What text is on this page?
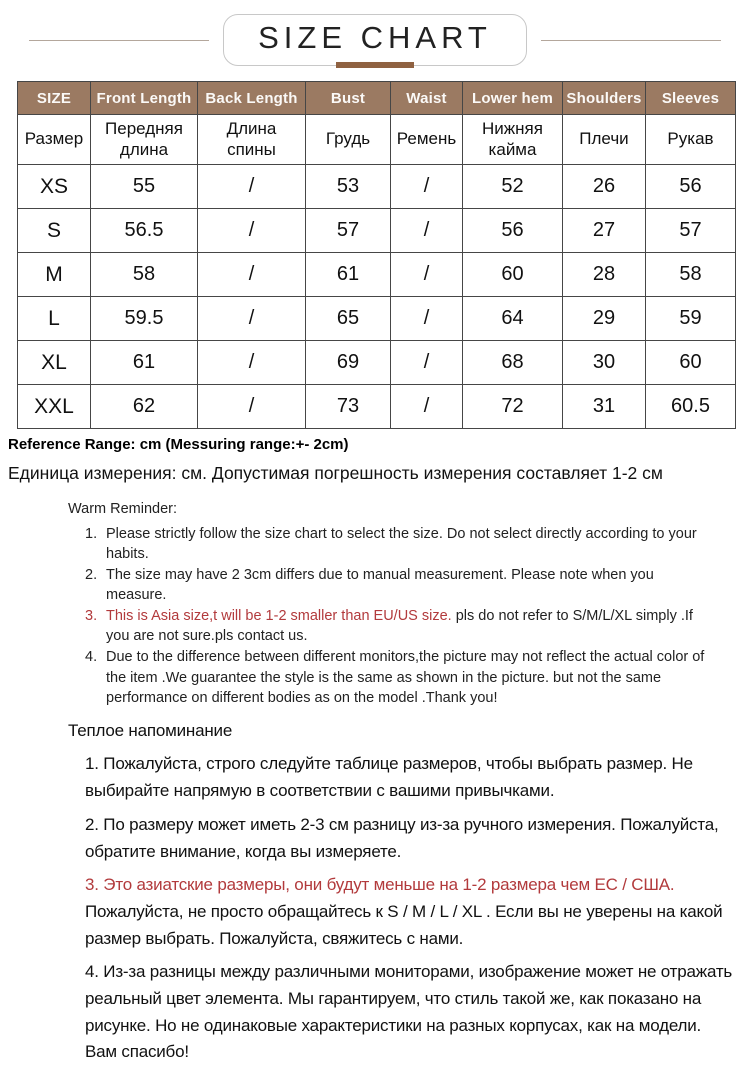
SIZE CHART
SIZE	Front Length	Back Length	Bust	Waist	Lower hem	Shoulders	Sleeves
Размер	Передняя длина	Длина спины	Грудь	Ремень	Нижняя кайма	Плечи	Рукав
XS	55	/	53	/	52	26	56
S	56.5	/	57	/	56	27	57
M	58	/	61	/	60	28	58
L	59.5	/	65	/	64	29	59
XL	61	/	69	/	68	30	60
XXL	62	/	73	/	72	31	60.5
Reference Range: cm (Messuring range:+- 2cm)
Единица измерения: см. Допустимая погрешность измерения составляет 1-2 см
Warm Reminder:
1. Please strictly follow the size chart to select the size. Do not select directly according to your habits.
2. The size may have 2 3cm differs due to manual measurement. Please note when you measure.
3. This is Asia size,t will be 1-2 smaller than EU/US size. pls do not refer to S/M/L/XL simply .If you are not sure.pls contact us.
4. Due to the difference between different monitors,the picture may not reflect the actual color of the item .We guarantee the style is the same as shown in the picture. but not the same performance on different bodies as on the model .Thank you!
Теплое напоминание
1. Пожалуйста, строго следуйте таблице размеров, чтобы выбрать размер. Не выбирайте напрямую в соответствии с вашими привычками.
2. По размеру может иметь 2-3 см разницу из-за ручного измерения. Пожалуйста, обратите внимание, когда вы измеряете.
3. Это азиатские размеры, они будут меньше на 1-2 размера чем ЕС / США. Пожалуйста, не просто обращайтесь к S / M / L / XL . Если вы не уверены на какой размер выбрать. Пожалуйста, свяжитесь с нами.
4. Из-за разницы между различными мониторами, изображение может не отражать реальный цвет элемента. Мы гарантируем, что стиль такой же, как показано на рисунке. Но не одинаковые характеристики на разных корпусах, как на модели. Вам спасибо!
